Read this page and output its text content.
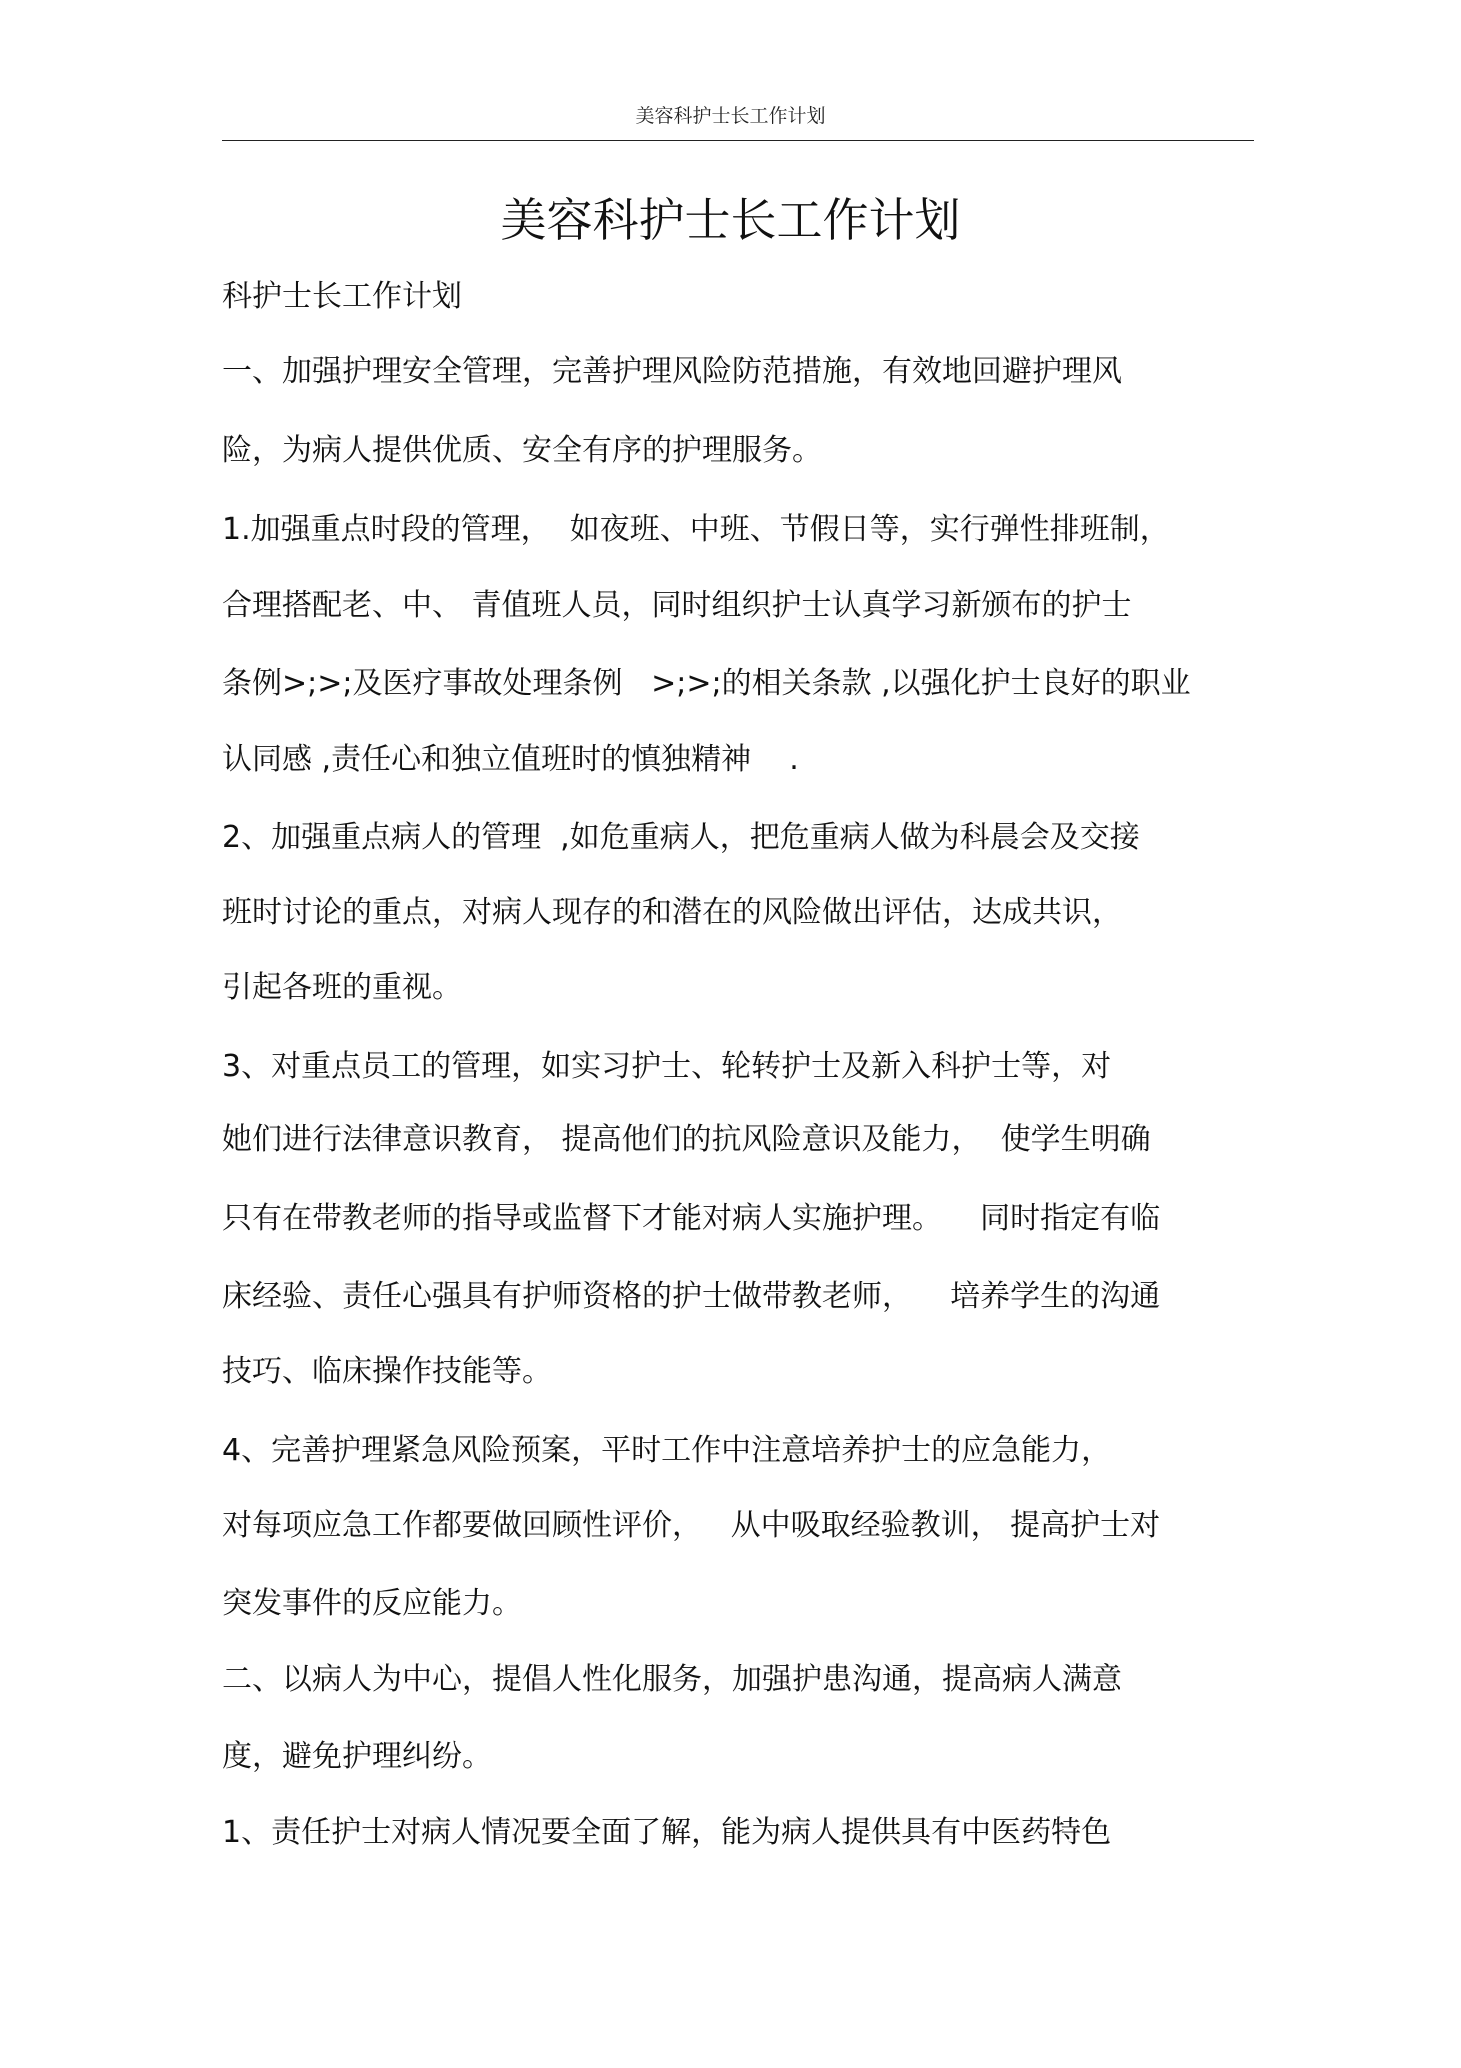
美容科护士长工作计划
美容科护士长工作计划
科护士长工作计划
一、加强护理安全管理，完善护理风险防范措施，有效地回避护理风
险，为病人提供优质、安全有序的护理服务。
1.加强重点时段的管理，  如夜班、中班、节假日等，实行弹性排班制，
合理搭配老、中、 青值班人员，同时组织护士认真学习新颁布的护士
条例>;>;及医疗事故处理条例   >;>;的相关条款 ,以强化护士良好的职业
认同感 ,责任心和独立值班时的慎独精神    .
2、加强重点病人的管理  ,如危重病人，把危重病人做为科晨会及交接
班时讨论的重点，对病人现存的和潜在的风险做出评估，达成共识，
引起各班的重视。
3、对重点员工的管理，如实习护士、轮转护士及新入科护士等，对
她们进行法律意识教育， 提高他们的抗风险意识及能力，  使学生明确
只有在带教老师的指导或监督下才能对病人实施护理。    同时指定有临
床经验、责任心强具有护师资格的护士做带教老师，    培养学生的沟通
技巧、临床操作技能等。
4、完善护理紧急风险预案，平时工作中注意培养护士的应急能力，
对每项应急工作都要做回顾性评价，   从中吸取经验教训， 提高护士对
突发事件的反应能力。
二、以病人为中心，提倡人性化服务，加强护患沟通，提高病人满意
度，避免护理纠纷。
1、责任护士对病人情况要全面了解，能为病人提供具有中医药特色
